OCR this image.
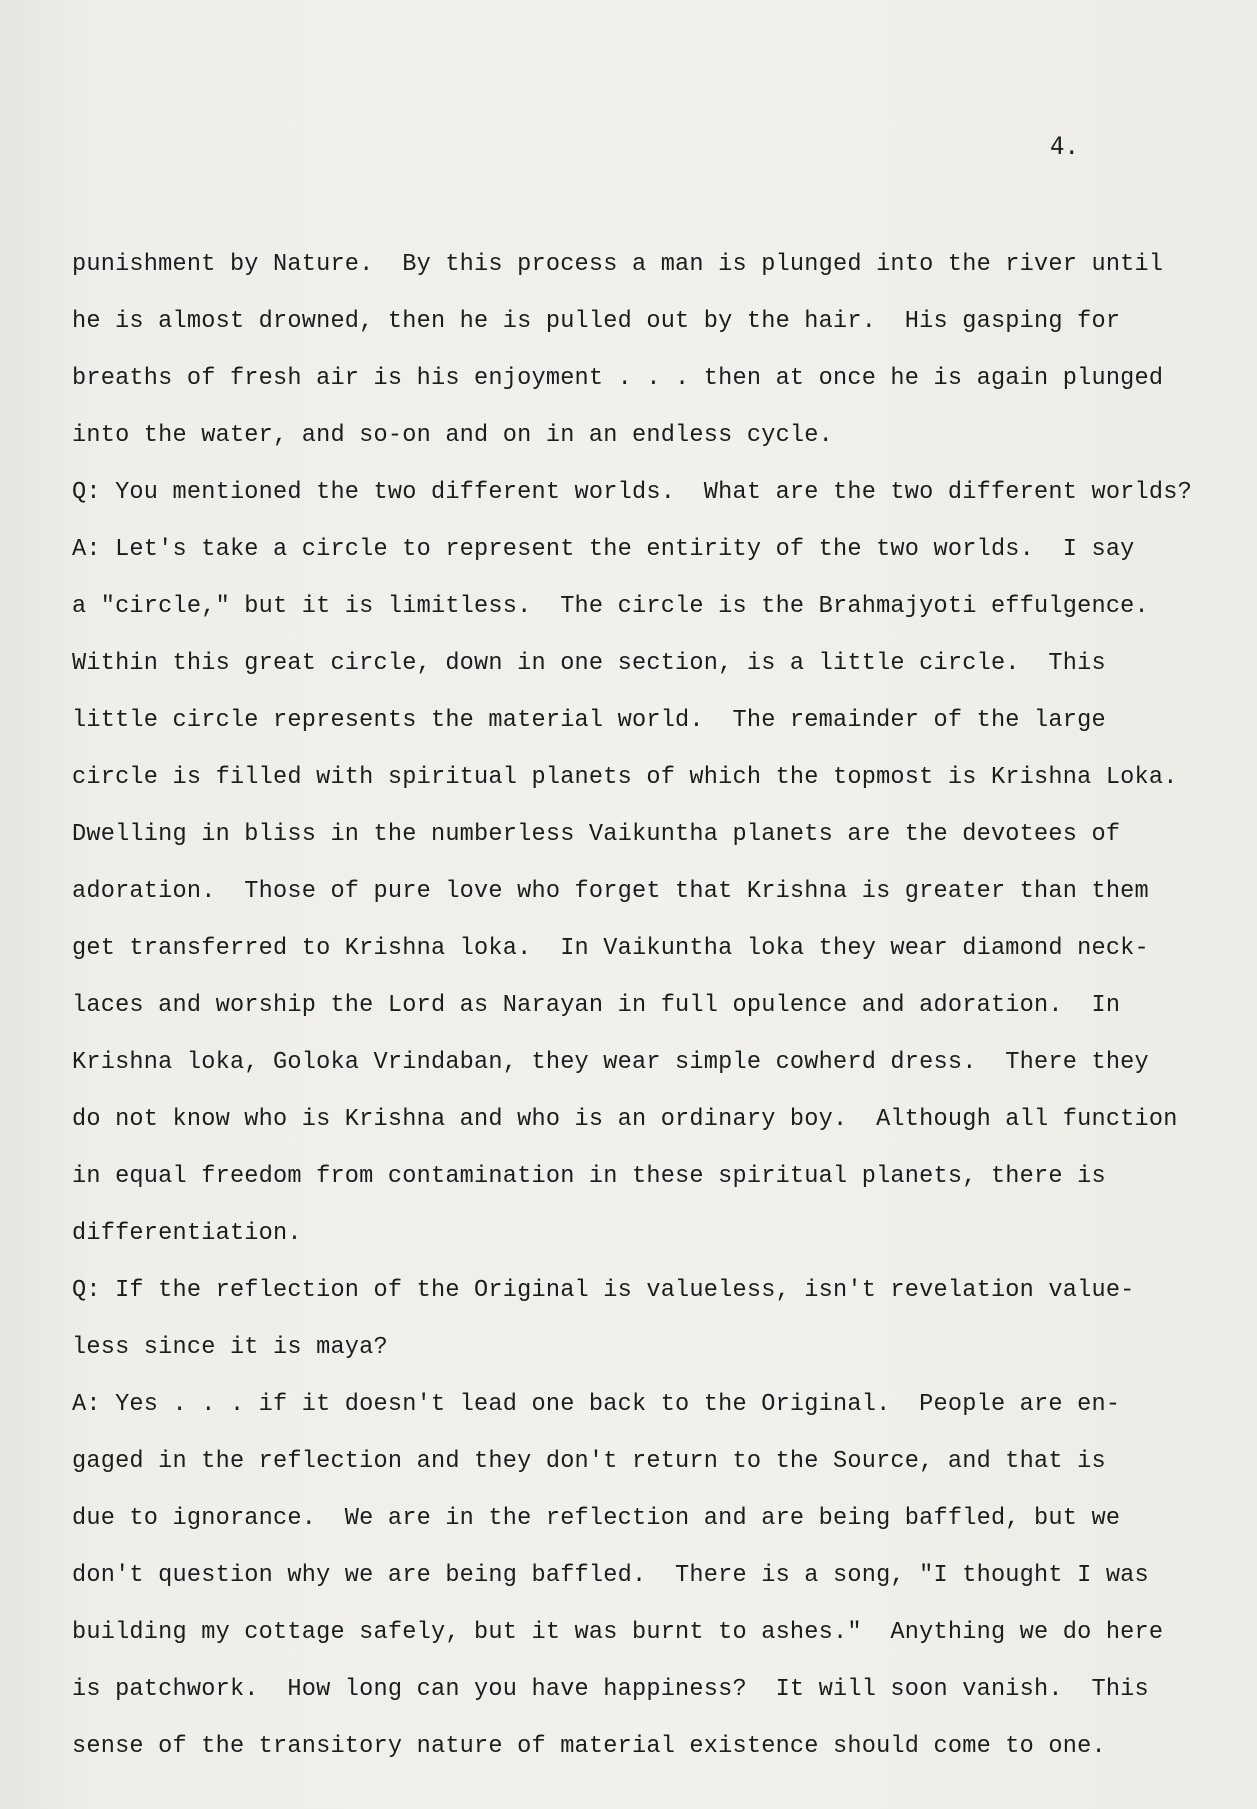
4.
punishment by Nature.  By this process a man is plunged into the river until
he is almost drowned, then he is pulled out by the hair.  His gasping for
breaths of fresh air is his enjoyment . . . then at once he is again plunged
into the water, and so-on and on in an endless cycle.
Q: You mentioned the two different worlds.  What are the two different worlds?
A: Let's take a circle to represent the entirity of the two worlds.  I say
a "circle," but it is limitless.  The circle is the Brahmajyoti effulgence.
Within this great circle, down in one section, is a little circle.  This
little circle represents the material world.  The remainder of the large
circle is filled with spiritual planets of which the topmost is Krishna Loka.
Dwelling in bliss in the numberless Vaikuntha planets are the devotees of
adoration.  Those of pure love who forget that Krishna is greater than them
get transferred to Krishna loka.  In Vaikuntha loka they wear diamond neck-
laces and worship the Lord as Narayan in full opulence and adoration.  In
Krishna loka, Goloka Vrindaban, they wear simple cowherd dress.  There they
do not know who is Krishna and who is an ordinary boy.  Although all function
in equal freedom from contamination in these spiritual planets, there is
differentiation.
Q: If the reflection of the Original is valueless, isn't revelation value-
less since it is maya?
A: Yes . . . if it doesn't lead one back to the Original.  People are en-
gaged in the reflection and they don't return to the Source, and that is
due to ignorance.  We are in the reflection and are being baffled, but we
don't question why we are being baffled.  There is a song, "I thought I was
building my cottage safely, but it was burnt to ashes."  Anything we do here
is patchwork.  How long can you have happiness?  It will soon vanish.  This
sense of the transitory nature of material existence should come to one.
